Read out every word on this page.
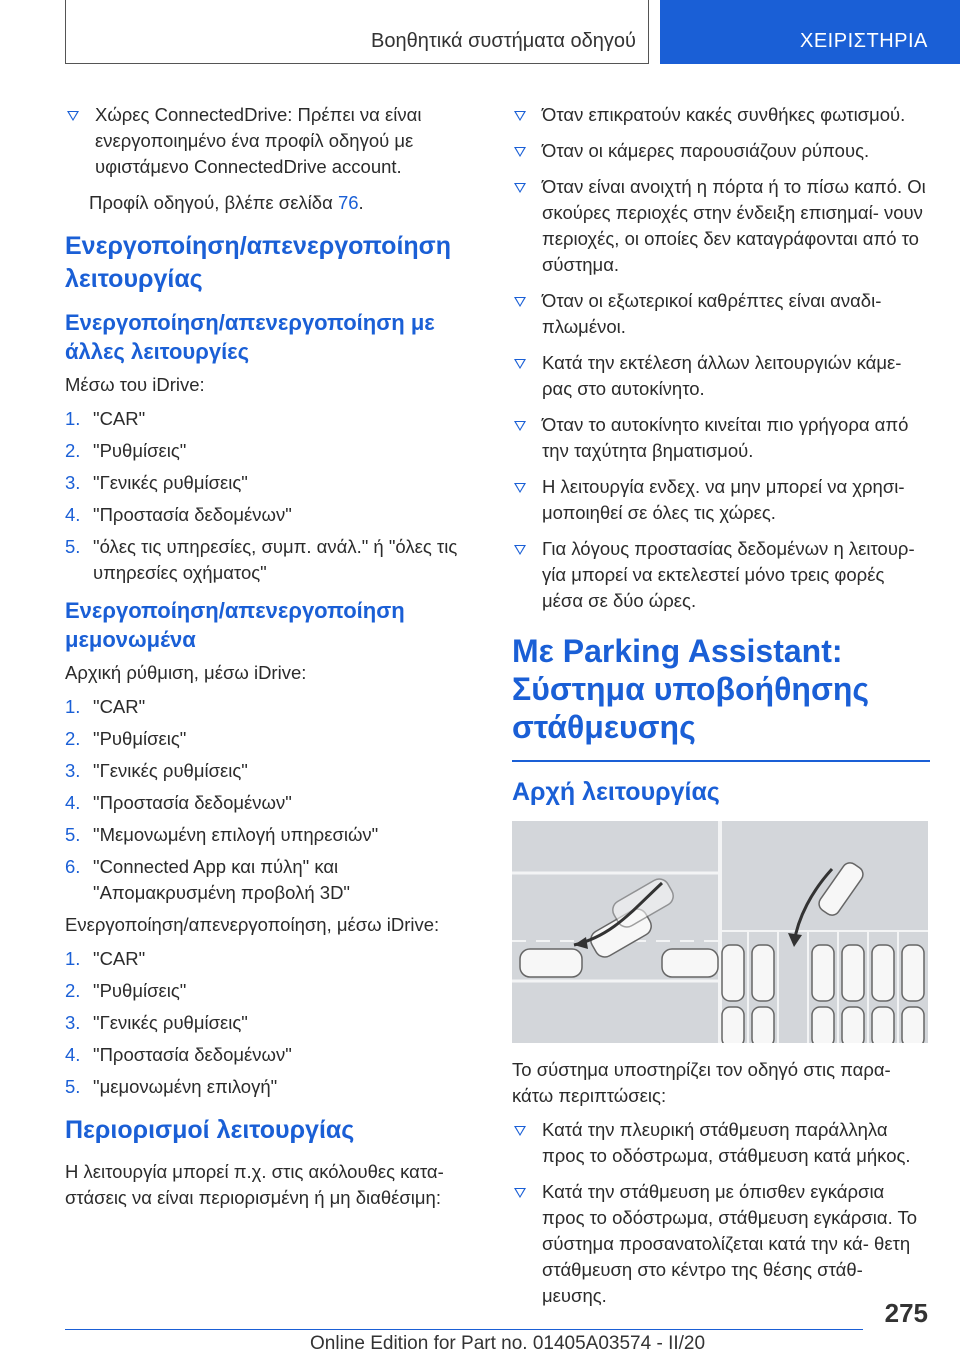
Βοηθητικά συστήματα οδηγού	ΧΕΙΡΙΣΤΗΡΙΑ
Χώρες ConnectedDrive: Πρέπει να είναι ενεργοποιημένο ένα προφίλ οδηγού με υφιστάμενο ConnectedDrive account.

Προφίλ οδηγού, βλέπε σελίδα 76.

Ενεργοποίηση/απενεργοποίηση λειτουργίας
Ενεργοποίηση/απενεργοποίηση με άλλες λειτουργίες

Μέσω του iDrive:

1. "CAR"
2. "Ρυθμίσεις"
3. "Γενικές ρυθμίσεις"
4. "Προστασία δεδομένων"
5. "όλες τις υπηρεσίες, συμπ. ανάλ." ή "όλες τις υπηρεσίες οχήματος"
Ενεργοποίηση/απενεργοποίηση μεμονωμένα

Αρχική ρύθμιση, μέσω iDrive:

1. "CAR"
2. "Ρυθμίσεις"
3. "Γενικές ρυθμίσεις"
4. "Προστασία δεδομένων"
5. "Μεμονωμένη επιλογή υπηρεσιών"
6. "Connected App και πύλη" και "Απομακρυσμένη προβολή 3D"

Ενεργοποίηση/απενεργοποίηση, μέσω iDrive:

1. "CAR"
2. "Ρυθμίσεις"
3. "Γενικές ρυθμίσεις"
4. "Προστασία δεδομένων"
5. "μεμονωμένη επιλογή"
Περιορισμοί λειτουργίας

Η λειτουργία μπορεί π.χ. στις ακόλουθες κατα- στάσεις να είναι περιορισμένη ή μη διαθέσιμη:

Όταν επικρατούν κακές συνθήκες φωτισμού.
Όταν οι κάμερες παρουσιάζουν ρύπους.
Όταν είναι ανοιχτή η πόρτα ή το πίσω καπό. Οι σκούρες περιοχές στην ένδειξη επισημαί- νουν περιοχές, οι οποίες δεν καταγράφονται από το σύστημα.
Όταν οι εξωτερικοί καθρέπτες είναι αναδι- πλωμένοι.
Κατά την εκτέλεση άλλων λειτουργιών κάμε- ρας στο αυτοκίνητο.
Όταν το αυτοκίνητο κινείται πιο γρήγορα από την ταχύτητα βηματισμού.
Η λειτουργία ενδεχ. να μην μπορεί να χρησι- μοποιηθεί σε όλες τις χώρες.
Για λόγους προστασίας δεδομένων η λειτουρ- γία μπορεί να εκτελεστεί μόνο τρεις φορές μέσα σε δύο ώρες.
Με Parking Assistant: Σύστημα υποβοήθησης στάθμευσης
Αρχή λειτουργίας

Το σύστημα υποστηρίζει τον οδηγό στις παρα- κάτω περιπτώσεις:

Κατά την πλευρική στάθμευση παράλληλα προς το οδόστρωμα, στάθμευση κατά μήκος.
Κατά την στάθμευση με όπισθεν εγκάρσια προς το οδόστρωμα, στάθμευση εγκάρσια. Το σύστημα προσανατολίζεται κατά την κά- θετη στάθμευση στο κέντρο της θέσης στάθ- μευσης.
275
Online Edition for Part no. 01405A03574 - II/20
